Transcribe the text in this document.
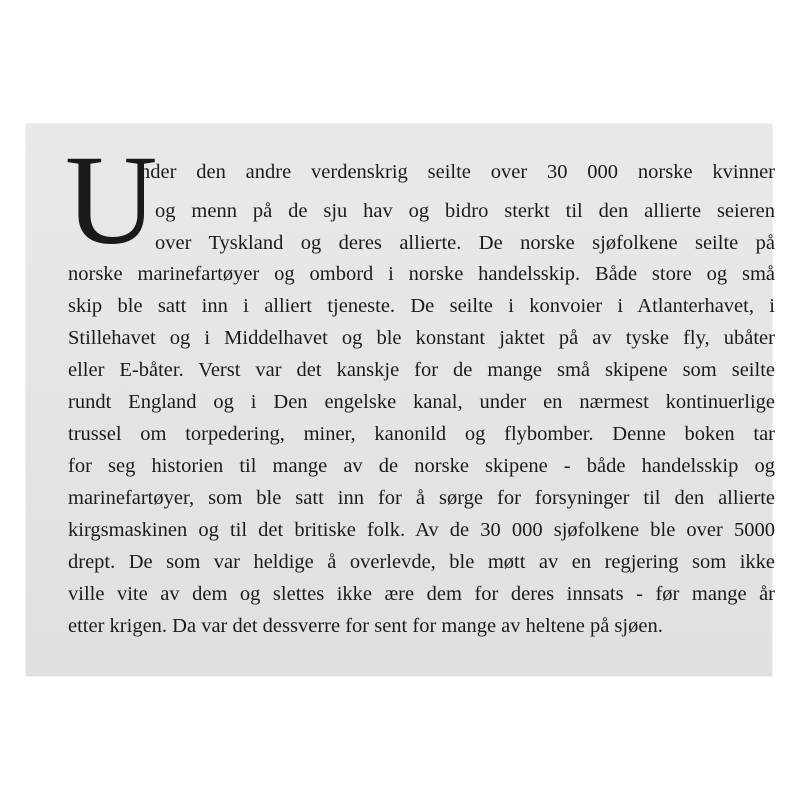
U
nder den andre verdenskrig seilte over 30 000 norske kvinner
og menn på de sju hav og bidro sterkt til den allierte seieren
over Tyskland og deres allierte. De norske sjøfolkene seilte på
norske marinefartøyer og ombord i norske handelsskip. Både store og små
skip ble satt inn i alliert tjeneste. De seilte i konvoier i Atlanterhavet, i
Stillehavet og i Middelhavet og ble konstant jaktet på av tyske fly, ubåter
eller E-båter. Verst var det kanskje for de mange små skipene som seilte
rundt England og i Den engelske kanal, under en nærmest kontinuerlige
trussel om torpedering, miner, kanonild og flybomber. Denne boken tar
for seg historien til mange av de norske skipene - både handelsskip og
marinefartøyer, som ble satt inn for å sørge for forsyninger til den allierte
kirgsmaskinen og til det britiske folk. Av de 30 000 sjøfolkene ble over 5000
drept. De som var heldige å overlevde, ble møtt av en regjering som ikke
ville vite av dem og slettes ikke ære dem for deres innsats - før mange år
etter krigen. Da var det dessverre for sent for mange av heltene på sjøen.
